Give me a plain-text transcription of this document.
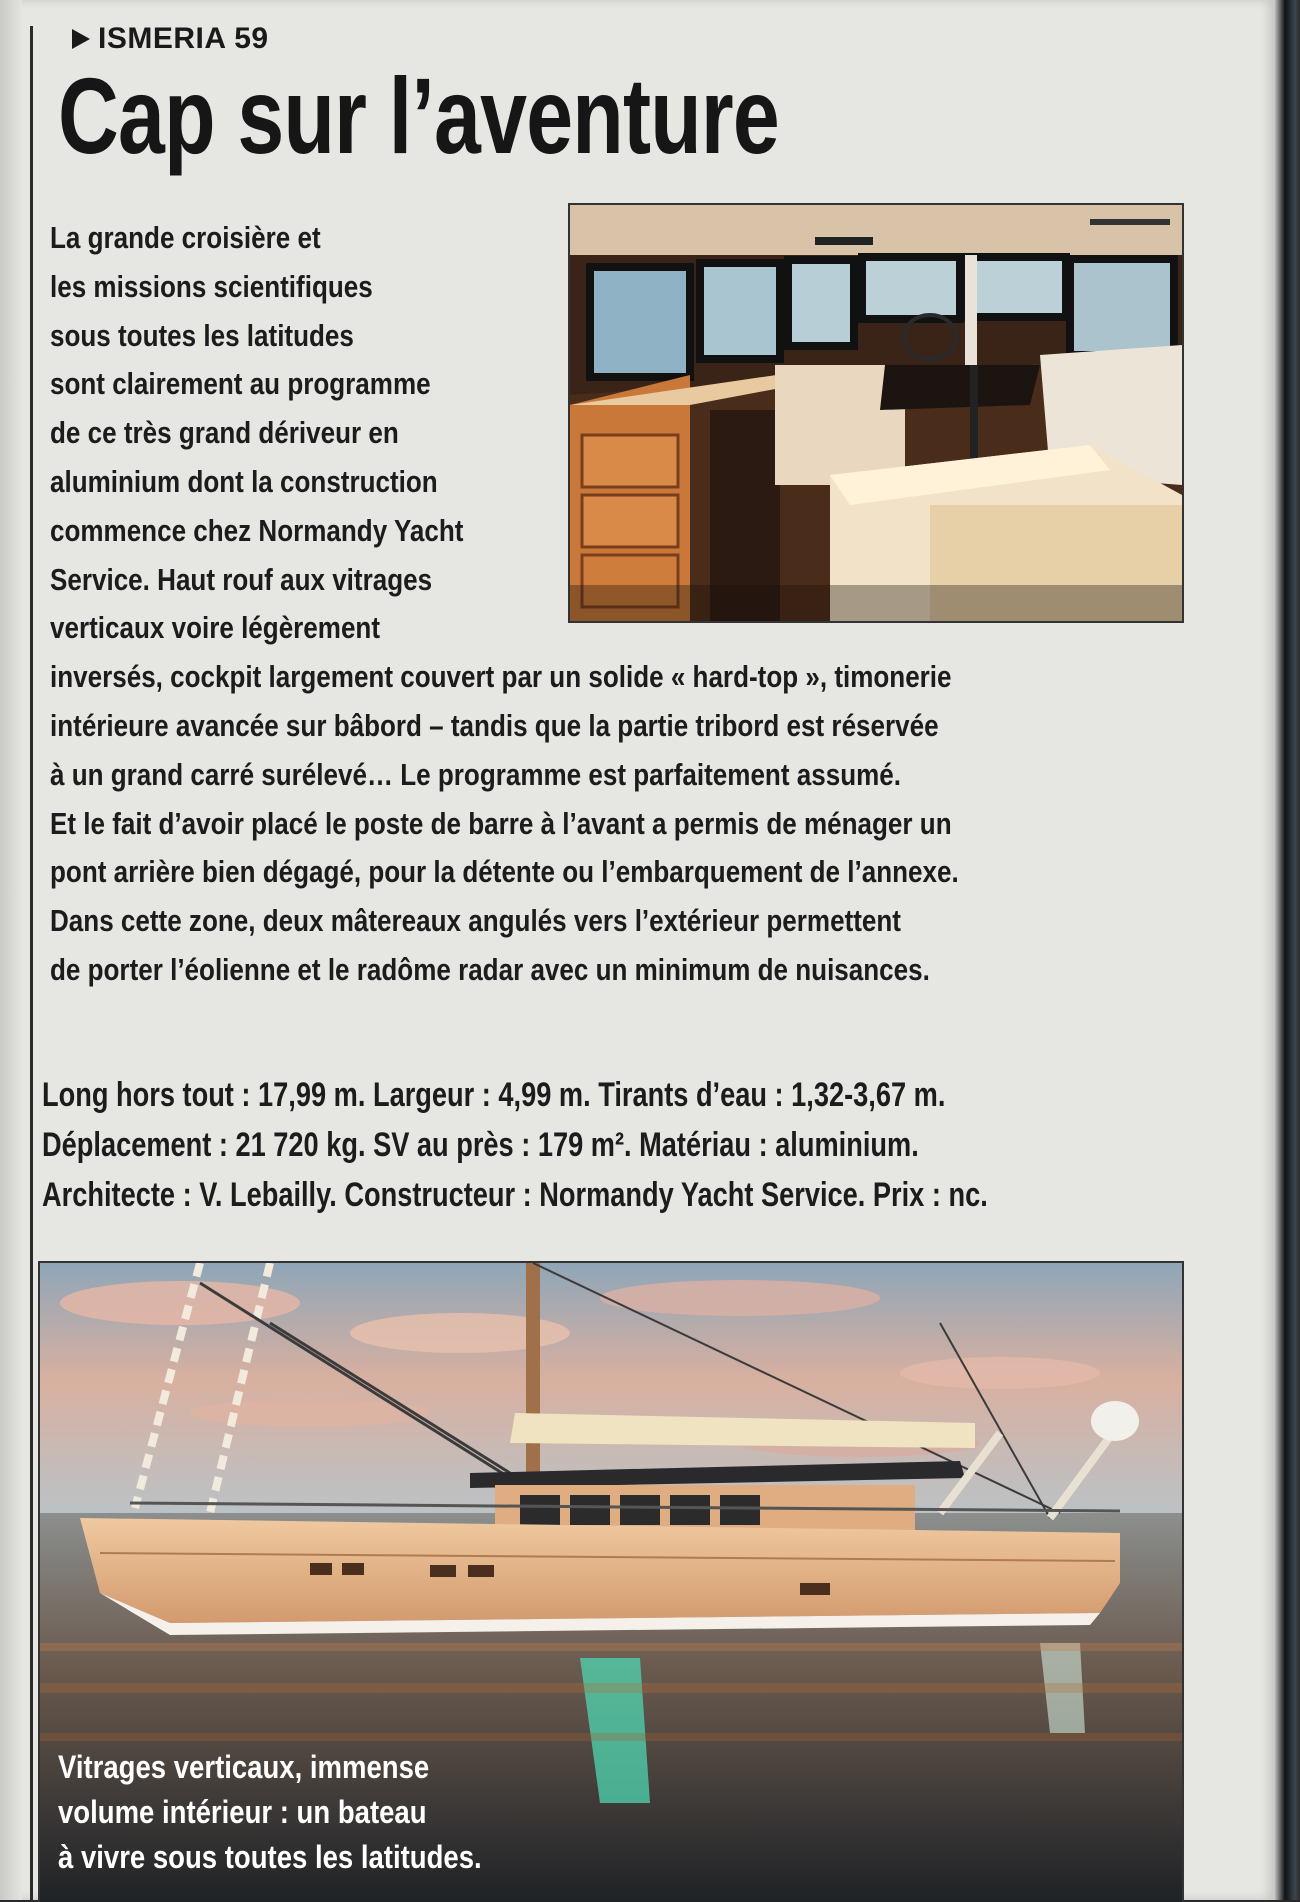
ISMERIA 59
Cap sur l’aventure
La grande croisière et
les missions scientifiques
sous toutes les latitudes
sont clairement au programme
de ce très grand dériveur en
aluminium dont la construction
commence chez Normandy Yacht
Service. Haut rouf aux vitrages
verticaux voire légèrement
inversés, cockpit largement couvert par un solide « hard-top », timonerie
intérieure avancée sur bâbord – tandis que la partie tribord est réservée
à un grand carré surélevé… Le programme est parfaitement assumé.
Et le fait d’avoir placé le poste de barre à l’avant a permis de ménager un
pont arrière bien dégagé, pour la détente ou l’embarquement de l’annexe.
Dans cette zone, deux mâtereaux angulés vers l’extérieur permettent
de porter l’éolienne et le radôme radar avec un minimum de nuisances.
Long hors tout : 17,99 m. Largeur : 4,99 m. Tirants d’eau : 1,32-3,67 m.
Déplacement : 21 720 kg. SV au près : 179 m². Matériau : aluminium.
Architecte : V. Lebailly. Constructeur : Normandy Yacht Service. Prix : nc.
Vitrages verticaux, immense
volume intérieur : un bateau
à vivre sous toutes les latitudes.
